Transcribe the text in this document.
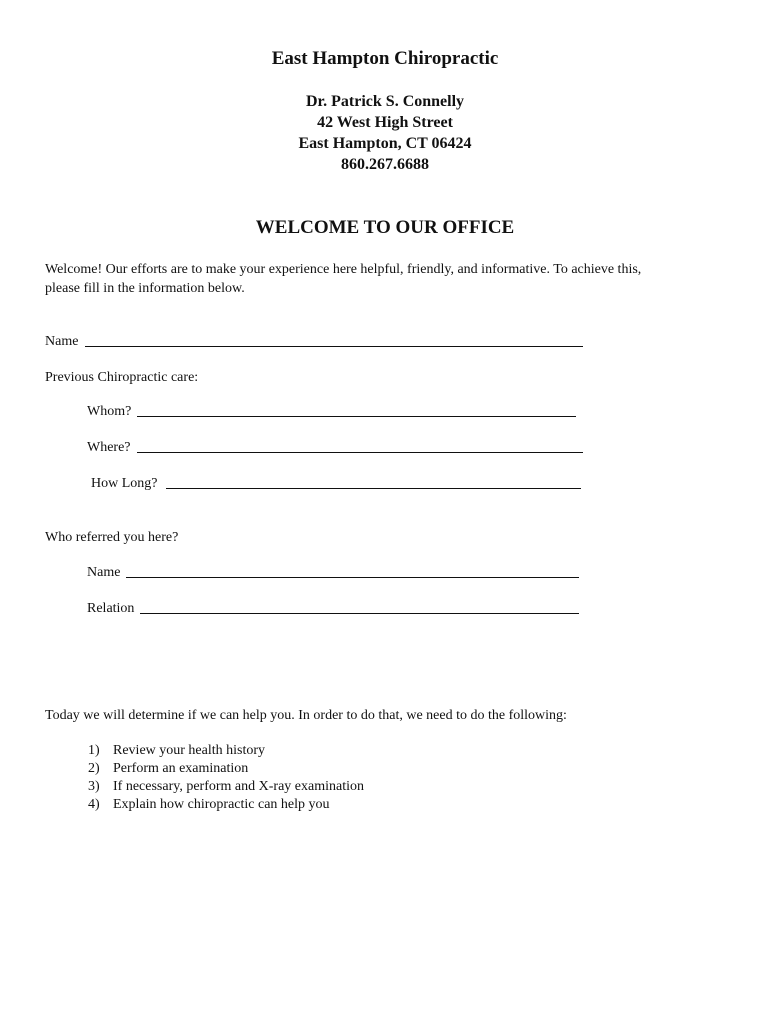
East Hampton Chiropractic
Dr. Patrick S. Connelly
42 West High Street
East Hampton, CT 06424
860.267.6688
WELCOME TO OUR OFFICE
Welcome! Our efforts are to make your experience here helpful, friendly, and informative. To achieve this,
please fill in the information below.
Name
Previous Chiropractic care:
Whom?
Where?
How Long?
Who referred you here?
Name
Relation
Today we will determine if we can help you. In order to do that, we need to do the following:
1) Review your health history
2) Perform an examination
3) If necessary, perform and X-ray examination
4) Explain how chiropractic can help you
